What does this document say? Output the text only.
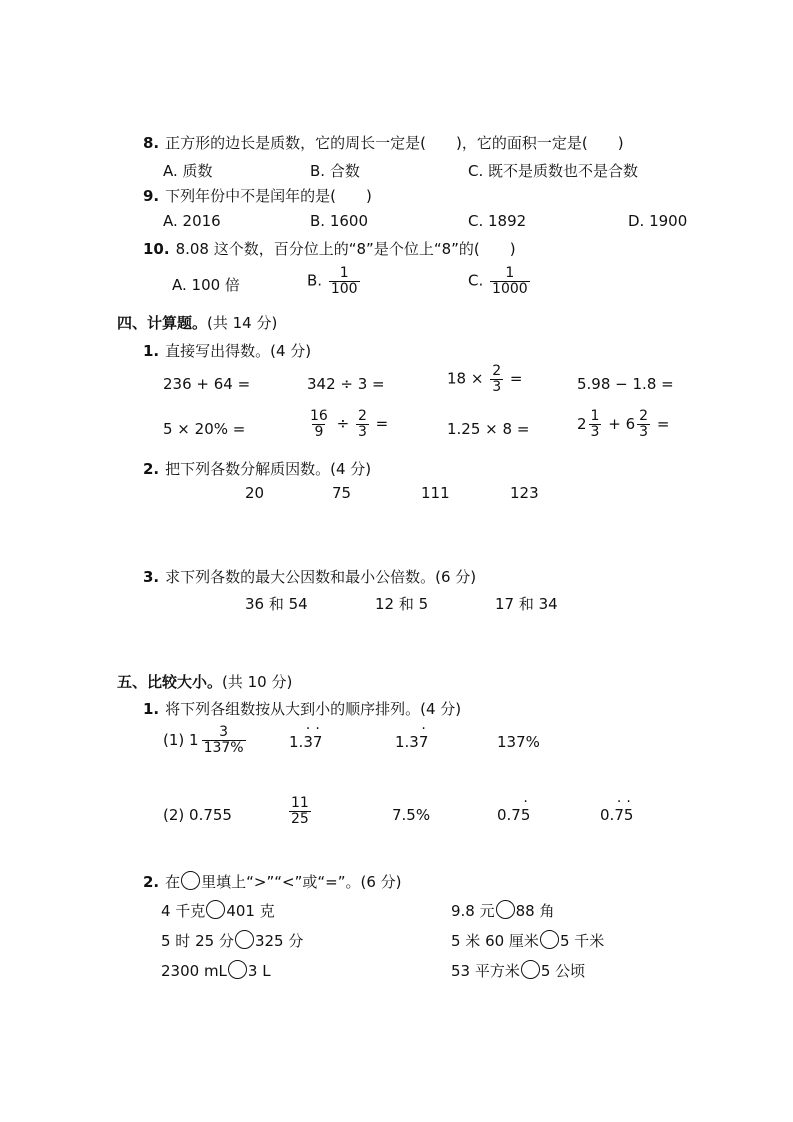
8. 正方形的边长是质数，它的周长一定是(　　)，它的面积一定是(　　)
A. 质数	B. 合数	C. 既不是质数也不是合数
9. 下列年份中不是闰年的是(　　)
A. 2016	B. 1600	C. 1892	D. 1900
10. 8.08 这个数，百分位上的“8”是个位上“8”的(　　)
A. 100 倍	B. $\frac{1}{100}$	C. $\frac{1}{1000}$
四、计算题。(共 14 分)
1. 直接写出得数。(4 分)
236 + 64 =	342 ÷ 3 =	$18 \times \frac{2}{3}$ =	5.98 − 1.8 =
5 × 20% =	$\frac{16}{9} \div \frac{2}{3}$ =	1.25 × 8 =	$2 \frac{1}{3} + 6 \frac{2}{3}$ =
2. 把下列各数分解质因数。(4 分)
20	75	111	123
3. 求下列各数的最大公因数和最小公倍数。(6 分)
36 和 54	12 和 5	17 和 34
五、比较大小。(共 10 分)
1. 将下列各组数按从大到小的顺序排列。(4 分)
(1) $1 \frac{3}{137\%}$	1.· 3· 7	1.3· 7	137%
(2) 0.755	$\frac{11}{25}$	7.5%	0.7· 5	0.· 7· 5
2. 在 里填上“>”“<”或“=”。(6 分)
4 千克 401 克	9.8 元 88 角
5 时 25 分 325 分	5 米 60 厘米 5 千米
2300 mL 3 L	53 平方米 5 公顷
